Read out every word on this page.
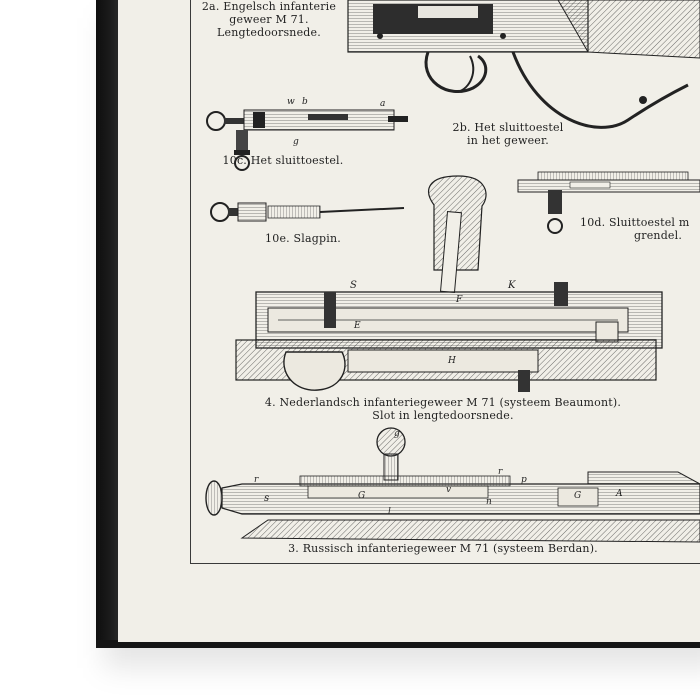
2a. Engelsch infanterie
geweer M 71.
Lengtedoorsnede.
2b. Het sluittoestel
in het geweer.
10c. Het sluittoestel.
10d. Sluittoestel m
grendel.
10e. Slagpin.
4. Nederlandsch infanteriegeweer M 71 (systeem Beaumont).
Slot in lengtedoorsnede.
3. Russisch infanteriegeweer M 71 (systeem Berdan).
w b	a
g
S	K
F
E
H
g
r
r
p
s	G	G
v
n
l
A
